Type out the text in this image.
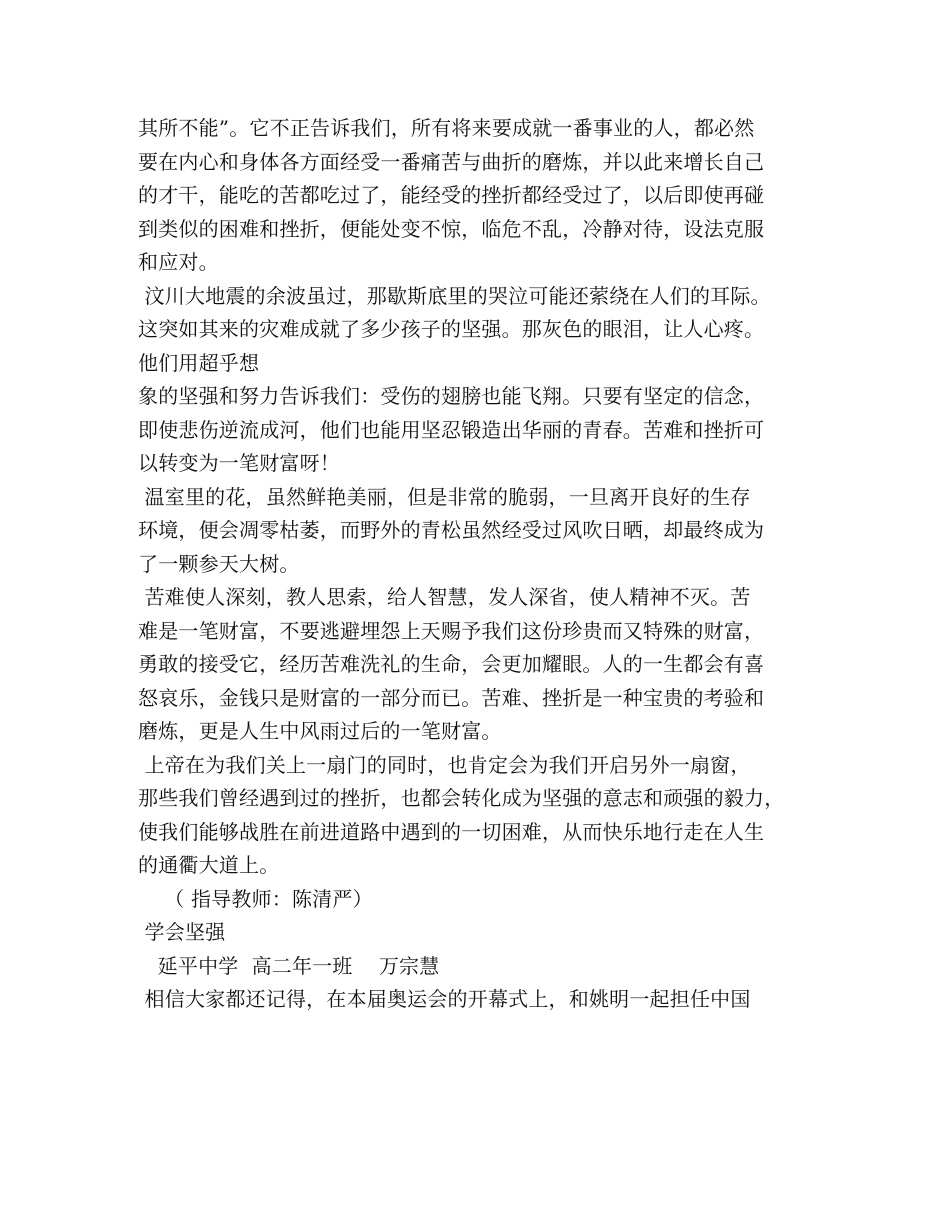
其所不能”。它不正告诉我们，所有将来要成就一番事业的人，都必然
要在内心和身体各方面经受一番痛苦与曲折的磨炼，并以此来增长自己
的才干，能吃的苦都吃过了，能经受的挫折都经受过了，以后即使再碰
到类似的困难和挫折，便能处变不惊，临危不乱，冷静对待，设法克服
和应对。
汶川大地震的余波虽过，那歇斯底里的哭泣可能还萦绕在人们的耳际。
这突如其来的灾难成就了多少孩子的坚强。那灰色的眼泪，让人心疼。
他们用超乎想
象的坚强和努力告诉我们：受伤的翅膀也能飞翔。只要有坚定的信念，
即使悲伤逆流成河，他们也能用坚忍锻造出华丽的青春。苦难和挫折可
以转变为一笔财富呀！
温室里的花，虽然鲜艳美丽，但是非常的脆弱，一旦离开良好的生存
环境，便会凋零枯萎，而野外的青松虽然经受过风吹日晒，却最终成为
了一颗参天大树。
苦难使人深刻，教人思索，给人智慧，发人深省，使人精神不灭。苦
难是一笔财富，不要逃避埋怨上天赐予我们这份珍贵而又特殊的财富，
勇敢的接受它，经历苦难洗礼的生命，会更加耀眼。人的一生都会有喜
怒哀乐，金钱只是财富的一部分而已。苦难、挫折是一种宝贵的考验和
磨炼，更是人生中风雨过后的一笔财富。
上帝在为我们关上一扇门的同时，也肯定会为我们开启另外一扇窗，
那些我们曾经遇到过的挫折，也都会转化成为坚强的意志和顽强的毅力，
使我们能够战胜在前进道路中遇到的一切困难，从而快乐地行走在人生
的通衢大道上。
（ 指导教师：陈清严）
学会坚强
延平中学  高二年一班    万宗慧
相信大家都还记得，在本届奥运会的开幕式上，和姚明一起担任中国
